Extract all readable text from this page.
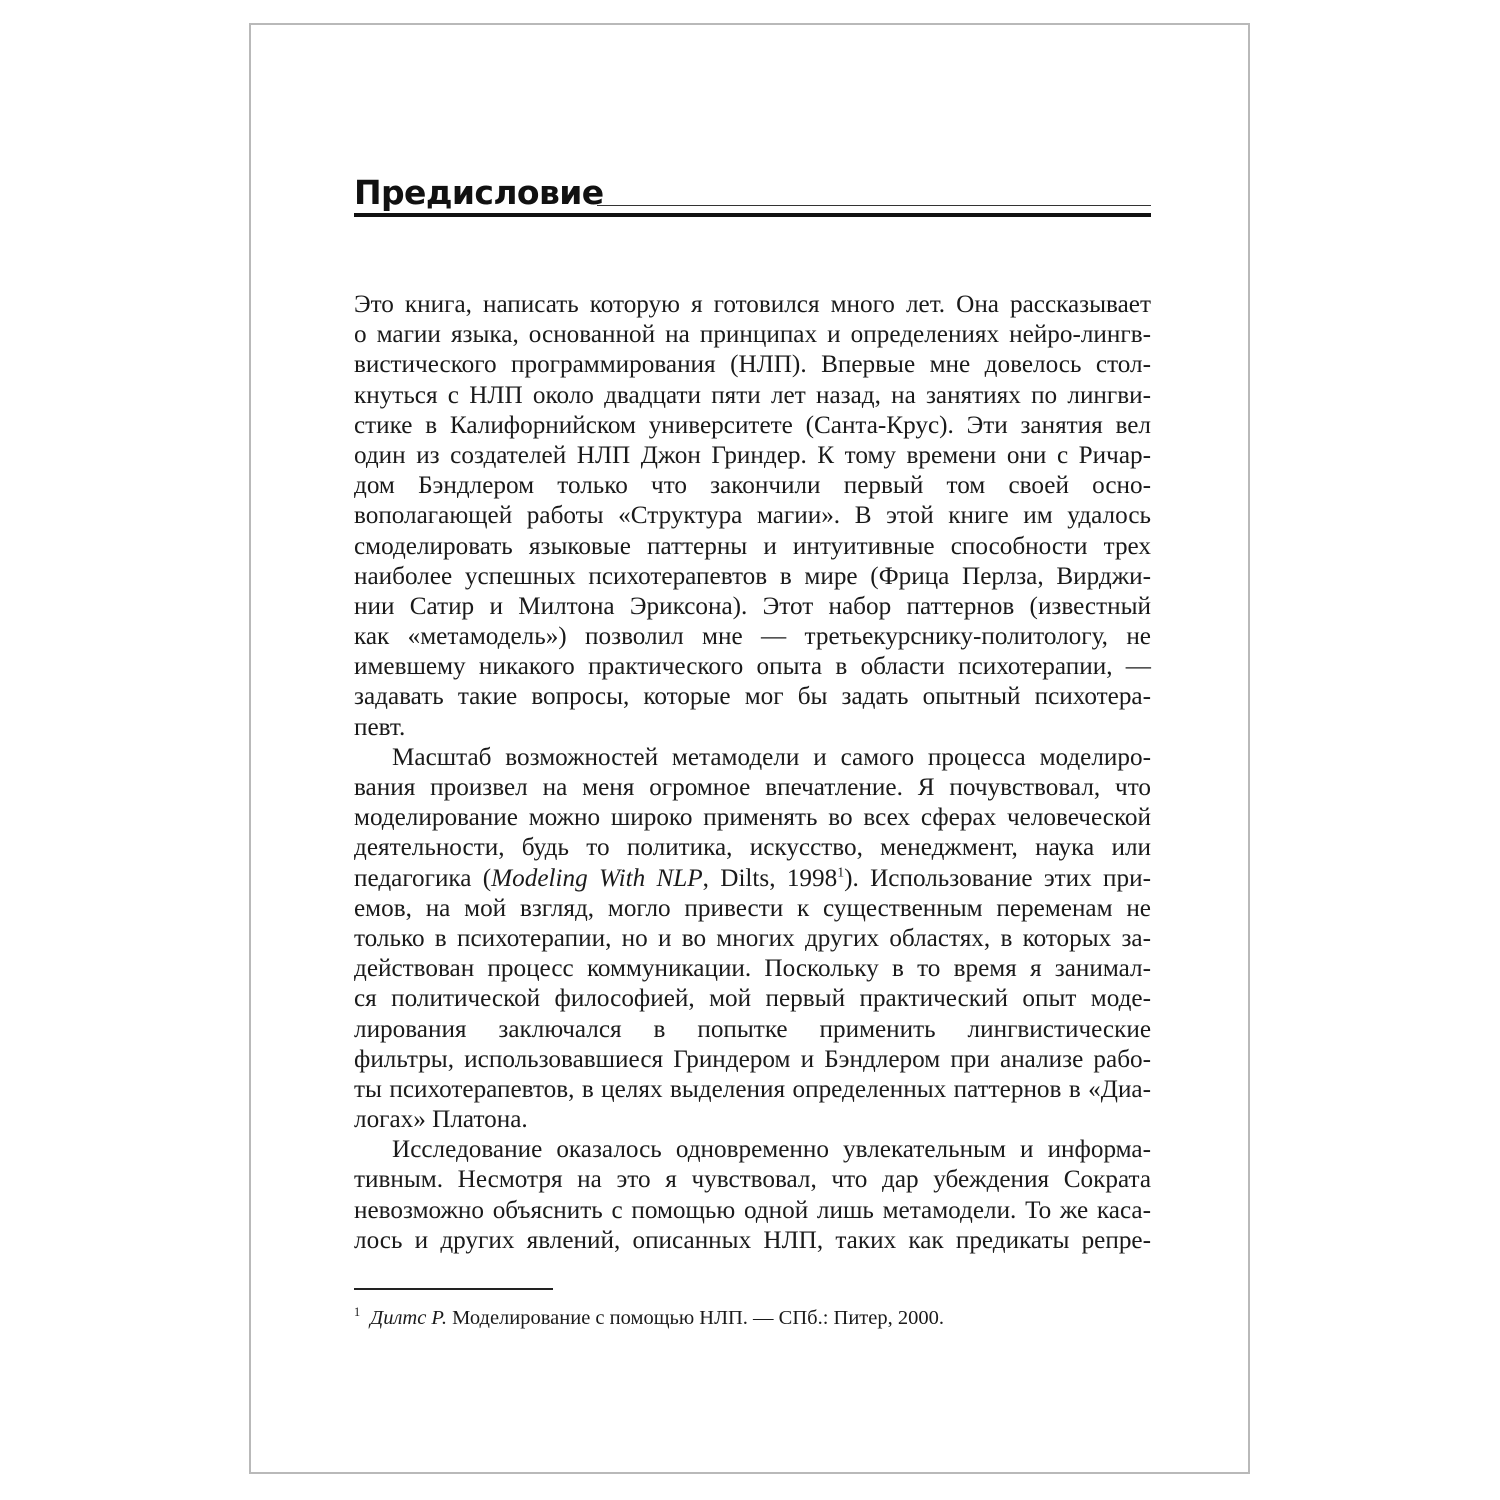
Предисловие
Это книга, написать которую я готовился много лет. Она рассказывает
о магии языка, основанной на принципах и определениях нейро-лингв-
вистического программирования (НЛП). Впервые мне довелось стол-
кнуться с НЛП около двадцати пяти лет назад, на занятиях по лингви-
стике в Калифорнийском университете (Санта-Крус). Эти занятия вел
один из создателей НЛП Джон Гриндер. К тому времени они с Ричар-
дом Бэндлером только что закончили первый том своей осно-
вополагающей работы «Структура магии». В этой книге им удалось
смоделировать языковые паттерны и интуитивные способности трех
наиболее успешных психотерапевтов в мире (Фрица Перлза, Вирджи-
нии Сатир и Милтона Эриксона). Этот набор паттернов (известный
как «метамодель») позволил мне — третьекурснику-политологу, не
имевшему никакого практического опыта в области психотерапии, —
задавать такие вопросы, которые мог бы задать опытный психотера-
певт.
Масштаб возможностей метамодели и самого процесса моделиро-
вания произвел на меня огромное впечатление. Я почувствовал, что
моделирование можно широко применять во всех сферах человеческой
деятельности, будь то политика, искусство, менеджмент, наука или
педагогика (Modeling With NLP, Dilts, 1998$^1$). Использование этих при-
емов, на мой взгляд, могло привести к существенным переменам не
только в психотерапии, но и во многих других областях, в которых за-
действован процесс коммуникации. Поскольку в то время я занимал-
ся политической философией, мой первый практический опыт моде-
лирования заключался в попытке применить лингвистические
фильтры, использовавшиеся Гриндером и Бэндлером при анализе рабо-
ты психотерапевтов, в целях выделения определенных паттернов в «Диа-
логах» Платона.
Исследование оказалось одновременно увлекательным и информа-
тивным. Несмотря на это я чувствовал, что дар убеждения Сократа
невозможно объяснить с помощью одной лишь метамодели. То же каса-
лось и других явлений, описанных НЛП, таких как предикаты репре-
$^1$ Дилтс Р. Моделирование с помощью НЛП. — СПб.: Питер, 2000.
